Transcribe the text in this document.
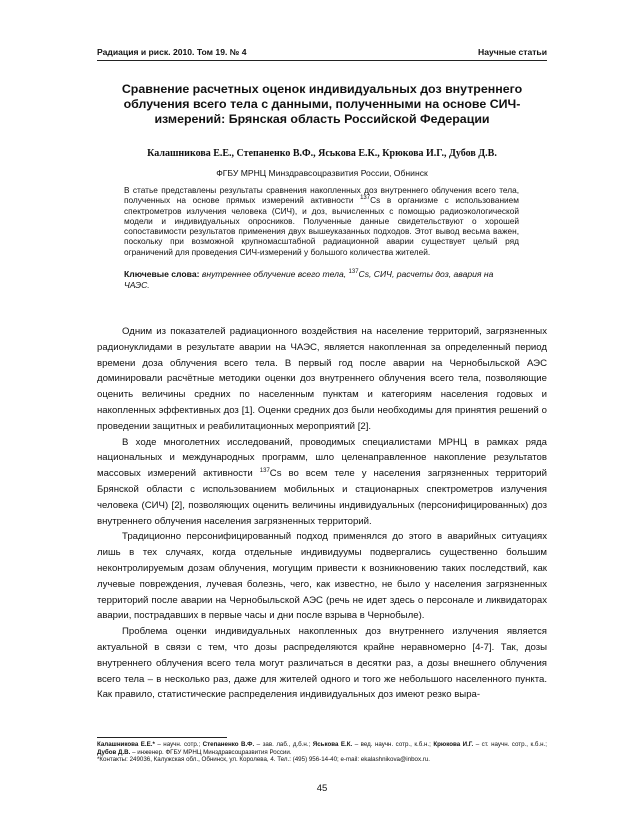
Радиация и риск. 2010. Том 19. № 4	Научные статьи
Сравнение расчетных оценок индивидуальных доз внутреннего облучения всего тела с данными, полученными на основе СИЧ-измерений: Брянская область Российской Федерации
Калашникова Е.Е., Степаненко В.Ф., Яськова Е.К., Крюкова И.Г., Дубов Д.В.
ФГБУ МРНЦ Минздравсоцразвития России, Обнинск
В статье представлены результаты сравнения накопленных доз внутреннего облучения всего тела, полученных на основе прямых измерений активности $^{137}$Cs в организме с использованием спектрометров излучения человека (СИЧ), и доз, вычисленных с помощью радиоэкологической модели и индивидуальных опросников. Полученные данные свидетельствуют о хорошей сопоставимости результатов применения двух вышеуказанных подходов. Этот вывод весьма важен, поскольку при возможной крупномасштабной радиационной аварии существует целый ряд ограничений для проведения СИЧ-измерений у большого количества жителей.
Ключевые слова: внутреннее облучение всего тела, $^{137}$Cs, СИЧ, расчеты доз, авария на ЧАЭС.

Одним из показателей радиационного воздействия на население территорий, загрязненных радионуклидами в результате аварии на ЧАЭС, является накопленная за определенный период времени доза облучения всего тела. В первый год после аварии на Чернобыльской АЭС доминировали расчётные методики оценки доз внутреннего облучения всего тела, позволяющие оценить величины средних по населенным пунктам и категориям населения годовых и накопленных эффективных доз [1]. Оценки средних доз были необходимы для принятия решений о проведении защитных и реабилитационных мероприятий [2].

В ходе многолетних исследований, проводимых специалистами МРНЦ в рамках ряда национальных и международных программ, шло целенаправленное накопление результатов массовых измерений активности $^{137}$Cs во всем теле у населения загрязненных территорий Брянской области с использованием мобильных и стационарных спектрометров излучения человека (СИЧ) [2], позволяющих оценить величины индивидуальных (персонифицированных) доз внутреннего облучения населения загрязненных территорий.

Традиционно персонифицированный подход применялся до этого в аварийных ситуациях лишь в тех случаях, когда отдельные индивидуумы подвергались существенно большим неконтролируемым дозам облучения, могущим привести к возникновению таких последствий, как лучевые повреждения, лучевая болезнь, чего, как известно, не было у населения загрязненных территорий после аварии на Чернобыльской АЭС (речь не идет здесь о персонале и ликвидаторах аварии, пострадавших в первые часы и дни после взрыва в Чернобыле).

Проблема оценки индивидуальных накопленных доз внутреннего излучения является актуальной в связи с тем, что дозы распределяются крайне неравномерно [4-7]. Так, дозы внутреннего облучения всего тела могут различаться в десятки раз, а дозы внешнего облучения всего тела – в несколько раз, даже для жителей одного и того же небольшого населенного пункта. Как правило, статистические распределения индивидуальных доз имеют резко выра-

Калашникова Е.Е.* – научн. сотр.; Степаненко В.Ф. – зав. лаб., д.б.н.; Яськова Е.К. – вед. научн. сотр., к.б.н.; Крюкова И.Г. – ст. научн. сотр., к.б.н.; Дубов Д.В. – инженер. ФГБУ МРНЦ Минздравсоцразвития России.
*Контакты: 249036, Калужская обл., Обнинск, ул. Королева, 4. Тел.: (495) 956-14-40; e-mail: ekalashnikova@inbox.ru.
45
